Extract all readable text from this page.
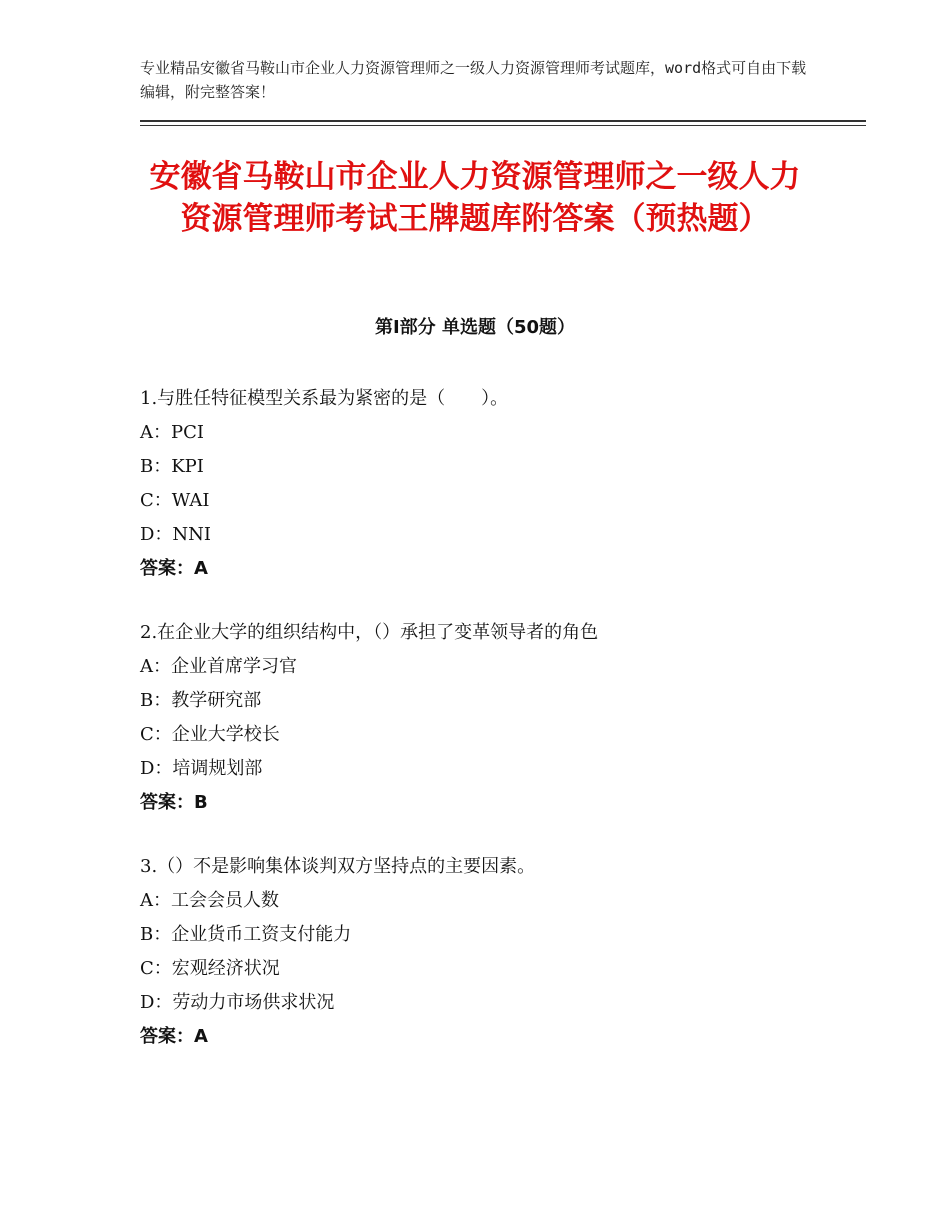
专业精品安徽省马鞍山市企业人力资源管理师之一级人力资源管理师考试题库，word格式可自由下载编辑，附完整答案！
安徽省马鞍山市企业人力资源管理师之一级人力资源管理师考试王牌题库附答案（预热题）
第Ⅰ部分 单选题（50题）
1.与胜任特征模型关系最为紧密的是（　　）。
A：PCI
B：KPI
C：WAI
D：NNI
答案：A
2.在企业大学的组织结构中，（）承担了变革领导者的角色
A：企业首席学习官
B：教学研究部
C：企业大学校长
D：培调规划部
答案：B
3.（）不是影响集体谈判双方坚持点的主要因素。
A：工会会员人数
B：企业货币工资支付能力
C：宏观经济状况
D：劳动力市场供求状况
答案：A
